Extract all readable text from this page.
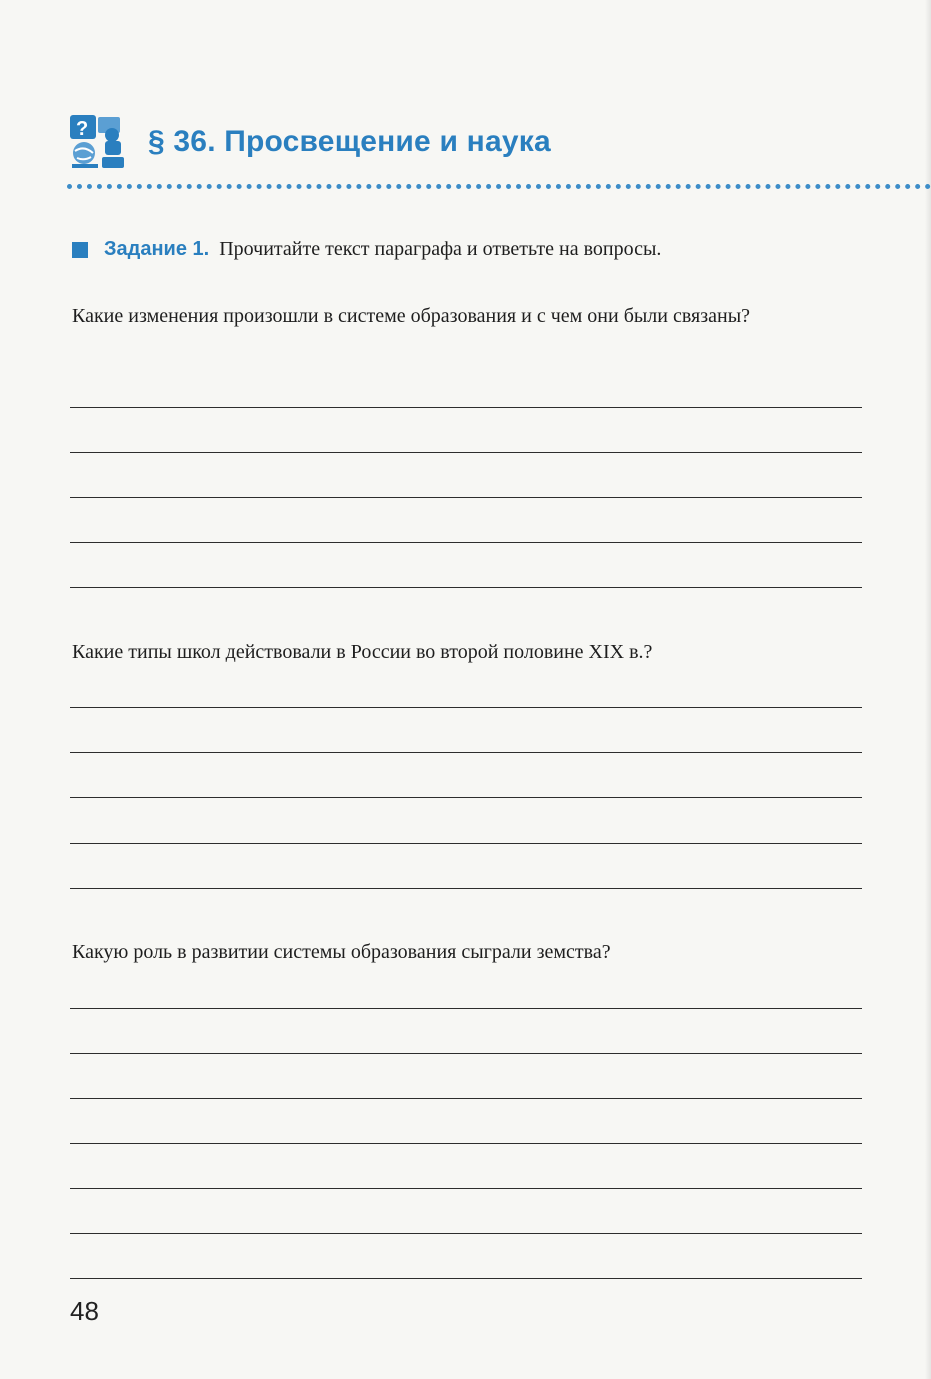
? § 36. Просвещение и наука
Задание 1. Прочитайте текст параграфа и ответьте на вопросы.
Какие изменения произошли в системе образования и с чем они были связаны?
Какие типы школ действовали в России во второй половине XIX в.?
Какую роль в развитии системы образования сыграли земства?
48
